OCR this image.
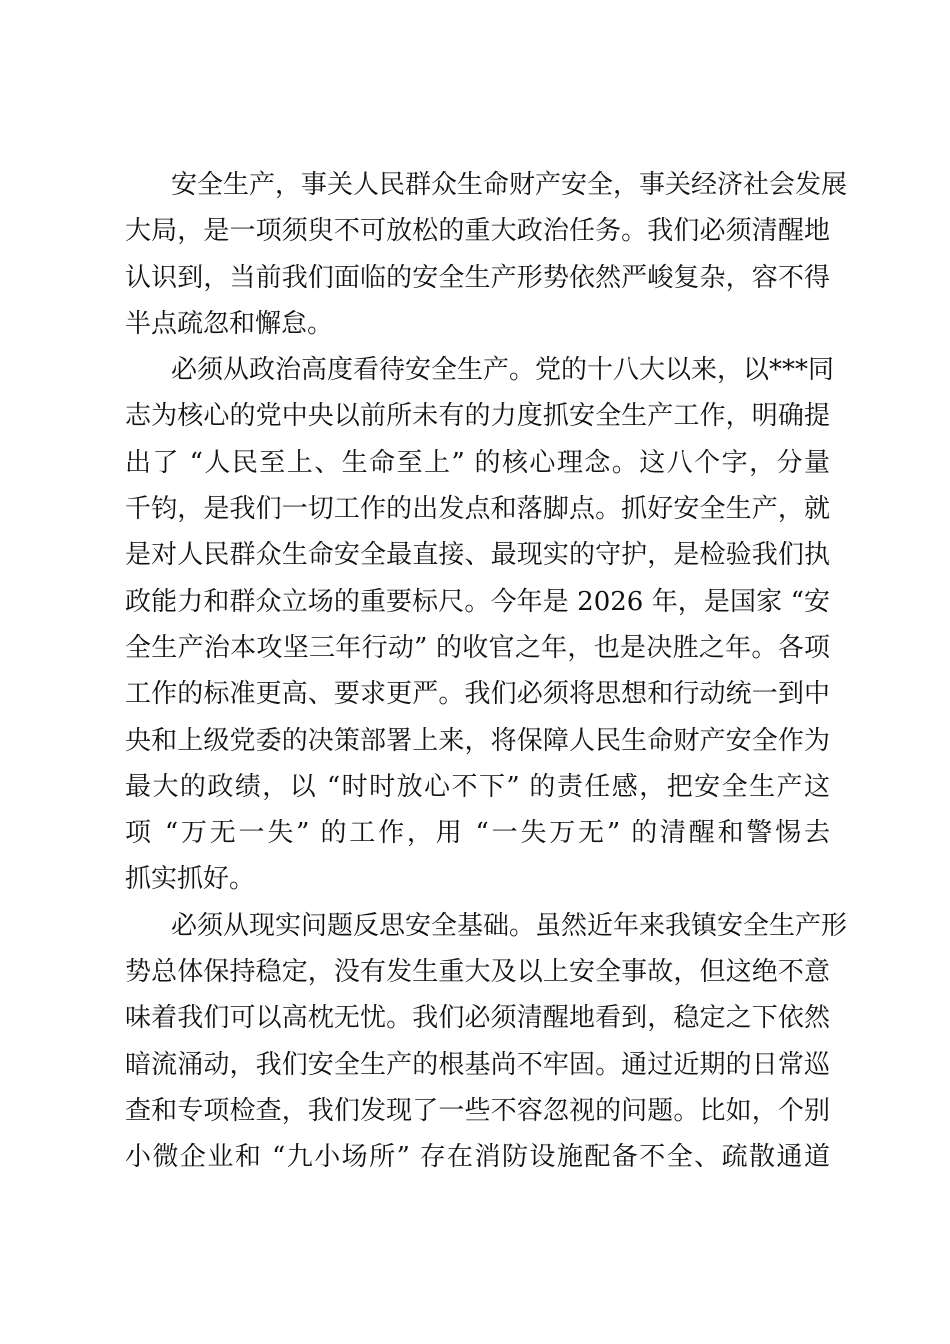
安全生产，事关人民群众生命财产安全，事关经济社会发展
大局，是一项须臾不可放松的重大政治任务。我们必须清醒地
认识到，当前我们面临的安全生产形势依然严峻复杂，容不得
半点疏忽和懈怠。
必须从政治高度看待安全生产。党的十八大以来，以***同
志为核心的党中央以前所未有的力度抓安全生产工作，明确提
出了 “人民至上、生命至上” 的核心理念。这八个字，分量
千钧，是我们一切工作的出发点和落脚点。抓好安全生产，就
是对人民群众生命安全最直接、最现实的守护，是检验我们执
政能力和群众立场的重要标尺。今年是 2026 年，是国家 “安
全生产治本攻坚三年行动” 的收官之年，也是决胜之年。各项
工作的标准更高、要求更严。我们必须将思想和行动统一到中
央和上级党委的决策部署上来，将保障人民生命财产安全作为
最大的政绩，以 “时时放心不下” 的责任感，把安全生产这
项 “万无一失” 的工作，用 “一失万无” 的清醒和警惕去
抓实抓好。
必须从现实问题反思安全基础。虽然近年来我镇安全生产形
势总体保持稳定，没有发生重大及以上安全事故，但这绝不意
味着我们可以高枕无忧。我们必须清醒地看到，稳定之下依然
暗流涌动，我们安全生产的根基尚不牢固。通过近期的日常巡
查和专项检查，我们发现了一些不容忽视的问题。比如，个别
小微企业和 “九小场所” 存在消防设施配备不全、疏散通道
